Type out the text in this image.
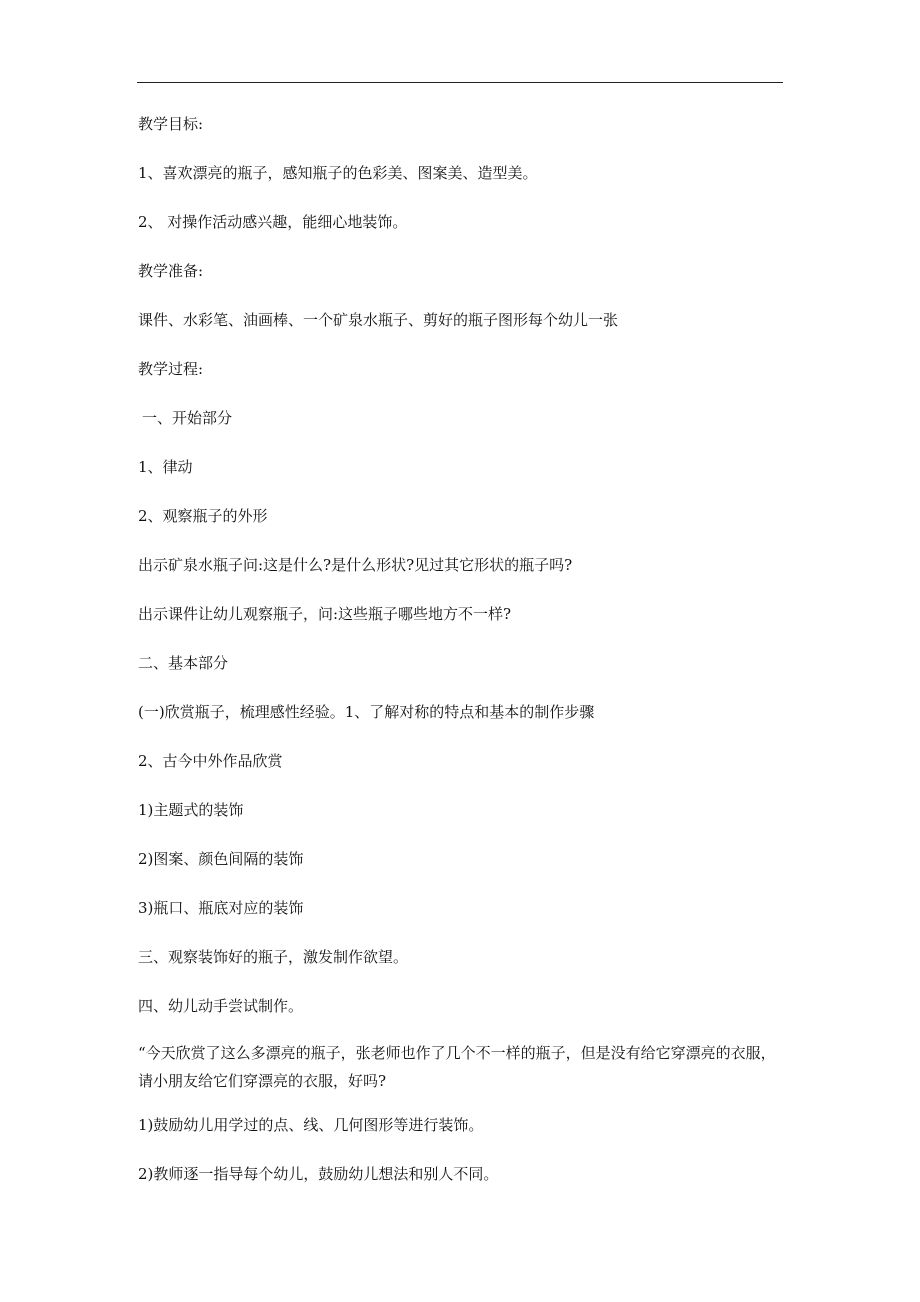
教学目标:

1、喜欢漂亮的瓶子，感知瓶子的色彩美、图案美、造型美。

2、 对操作活动感兴趣，能细心地装饰。

教学准备:

课件、水彩笔、油画棒、一个矿泉水瓶子、剪好的瓶子图形每个幼儿一张

教学过程:

一、开始部分

1、律动

2、观察瓶子的外形

出示矿泉水瓶子问:这是什么?是什么形状?见过其它形状的瓶子吗?

出示课件让幼儿观察瓶子，问:这些瓶子哪些地方不一样?

二、基本部分

(一)欣赏瓶子，梳理感性经验。1、了解对称的特点和基本的制作步骤

2、古今中外作品欣赏

1)主题式的装饰

2)图案、颜色间隔的装饰

3)瓶口、瓶底对应的装饰

三、观察装饰好的瓶子，激发制作欲望。

四、幼儿动手尝试制作。

“今天欣赏了这么多漂亮的瓶子，张老师也作了几个不一样的瓶子，但是没有给它穿漂亮的衣服，请小朋友给它们穿漂亮的衣服，好吗?

1)鼓励幼儿用学过的点、线、几何图形等进行装饰。

2)教师逐一指导每个幼儿，鼓励幼儿想法和别人不同。
